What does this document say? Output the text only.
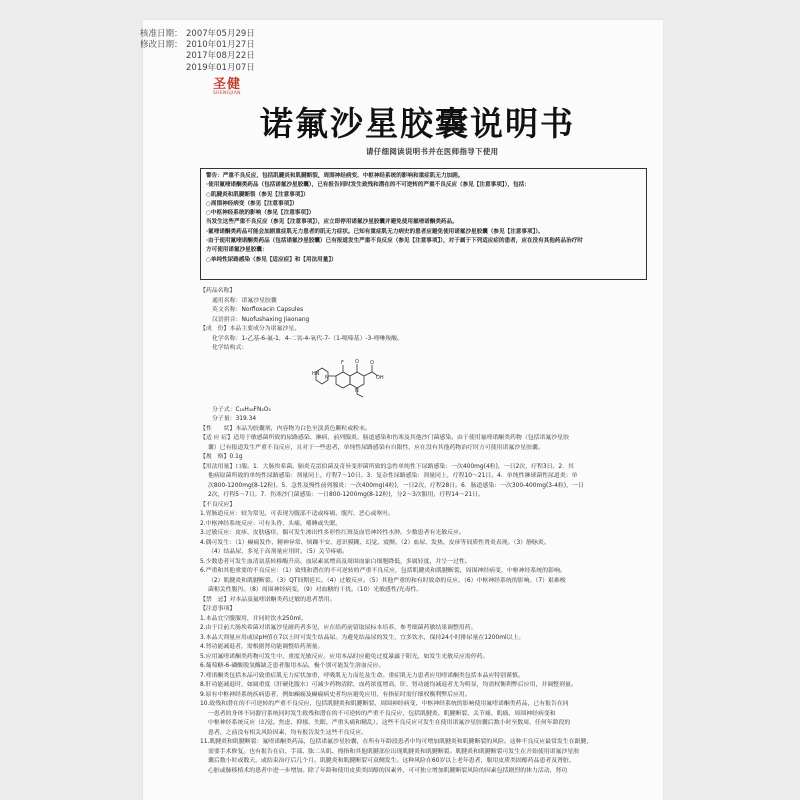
核准日期： 2007年05月29日
修改日期： 2010年01月27日
2017年08月22日
2019年01月07日
圣健
SHENGJIAN
诺氟沙星胶囊说明书
请仔细阅读说明书并在医师指导下使用
警告：严重不良反应，包括肌腱炎和肌腱断裂，周围神经病变、中枢神经系统的影响和重症肌无力加剧。
·使用氟喹诺酮类药品（包括诺氟沙星胶囊），已有报告同时发生致残和潜在的不可逆转的严重不良反应（参见【注意事项】），包括：
○肌腱炎和肌腱断裂（参见【注意事项】）
○周围神经病变（参见【注意事项】）
○中枢神经系统的影响（参见【注意事项】）
当发生这些严重不良反应（参见【注意事项】），应立即停用诺氟沙星胶囊并避免使用氟喹诺酮类药品。
·氟喹诺酮类药品可能会加剧重症肌无力患者的肌无力症状。已知有重症肌无力病史的患者应避免使用诺氟沙星胶囊（参见【注意事项】）。
·由于使用氟喹诺酮类药品（包括诺氟沙星胶囊）已有报道发生严重不良反应（参见【注意事项】），对于属于下列适应症的患者，应在没有其他药品治疗时
方可使用诺氟沙星胶囊：
○单纯性尿路感染（参见【适应症】和【用法用量】）
【药品名称】
通用名称：诺氟沙星胶囊
英文名称：Norfloxacin Capsules
汉语拼音：Nuofushaxing Jiaonang
【成　份】本品主要成分为诺氟沙星。
化学名称：1-乙基-6-氟-1，4-二氢-4-氧代-7-（1-哌嗪基）-3-喹啉羧酸。
化学结构式：
分子式：C₁₆H₁₈FN₃O₃
分子量：319.34
【性　　状】本品为胶囊剂，内容物为白色至淡黄色颗粒或粉末。
【适 应 症】适用于敏感菌所致的尿路感染、淋病、前列腺炎、肠道感染和伤寒及其他沙门菌感染。由于使用氟喹诺酮类药物（包括诺氟沙星胶
囊）已有报道发生严重不良反应，且对于一些患者，单纯性尿路感染有自限性，应在没有其他药物治疗时方可使用诺氟沙星胶囊。
【规　格】0.1g
【用法用量】口服。1．大肠埃希菌、肺炎克雷伯菌及奇异变形菌所致的急性单纯性下尿路感染：一次400mg(4粒)，一日2次，疗程3日。2．其
他病原菌所致的单纯性尿路感染：剂量同上，疗程7～10日。3．复杂性尿路感染：剂量同上，疗程10～21日。4．单纯性淋球菌性尿道炎：单
次800-1200mg(8-12粒)。5．急性及慢性前列腺炎：一次400mg(4粒)，一日2次，疗程28日。6．肠道感染：一次300-400mg(3-4粒)，一日
2次，疗程5～7日。7．伤寒沙门菌感染：一日800-1200mg(8-12粒)，分2～3次服用，疗程14～21日。
【不良反应】
1.胃肠道反应：较为常见，可表现为腹部不适或疼痛、腹泻、恶心或呕吐。
2.中枢神经系统反应：可有头昏、头痛、嗜睡或失眠。
3.过敏反应：皮疹、皮肤瘙痒，偶可发生渗出性多形性红斑及血管神经性水肿。少数患者有光敏反应。
4.偶可发生：（1）癫痫发作、精神异常、烦躁不安、意识模糊、幻觉、震颤。（2）血尿、发热、皮疹等间质性肾炎表现。（3）静脉炎。
（4）结晶尿，多见于高剂量应用时。（5）关节疼痛。
5.少数患者可发生血清氨基转移酶升高、血尿素氮增高及周围血象白细胞降低，多属轻度，并呈一过性。
6.严重和其他重要的不良反应：（1）致残和潜在的不可逆转的严重不良反应，包括肌腱炎和肌腱断裂，周围神经病变，中枢神经系统的影响。
（2）肌腱炎和肌腱断裂。（3）QT间期延长。（4）过敏反应。（5）其他严重的和有时致命的反应。（6）中枢神经系统的影响。（7）艰难梭
菌相关性腹泻。（8）周围神经病变。（9）对血糖的干扰。（10）光敏感性/光毒性。
【禁　忌】对本品及氟喹诺酮类药过敏的患者禁用。
【注意事项】
1.本品宜空腹服用，并同时饮水250ml。
2.由于目前大肠埃希菌对诺氟沙星耐药者多见，应在给药前留取尿标本培养，参考细菌药敏结果调整用药。
3.本品大剂量应用或尿pH值在7以上时可发生结晶尿。为避免结晶尿的发生，宜多饮水，保持24小时排尿量在1200ml以上。
4.肾功能减退者，需根据肾功能调整给药剂量。
5.应用氟喹诺酮类药物可发生中、重度光敏反应。应用本品时应避免过度暴露于阳光，如发生光敏反应需停药。
6.葡萄糖-6-磷酸脱氢酶缺乏患者服用本品，极个别可能发生溶血反应。
7.喹诺酮类包括本品可致重症肌无力症状加重，呼吸肌无力而危及生命。重症肌无力患者应用喹诺酮类包括本品应特别谨慎。
8.肝功能减退时，如属重度（肝硬化腹水）可减少药物清除，血药浓度增高，肝、肾功能均减退者尤为明显，均需权衡利弊后应用，并调整剂量。
9.原有中枢神经系统疾病患者，例如癫痫及癫痫病史者均应避免应用，有指征时需仔细权衡利弊后应用。
10.致残和潜在的不可逆转的严重不良反应，包括肌腱炎和肌腱断裂、周围神经病变、中枢神经系统的影响使用氟喹诺酮类药品，已有报告在同
一患者的身体不同器官系统同时发生致残和潜在的不可逆转的严重不良反应，包括肌腱炎、肌腱断裂、关节痛、肌痛、周围神经病变和
中枢神经系统反应（幻觉、焦虑、抑郁、失眠、严重头痛和精乱）。这些不良反应可发生在使用诺氟沙星胶囊后数小时至数周，任何年龄段的
患者，之前没有相关风险因素，均有报告发生这些不良反应。
11.肌腱炎和肌腱断裂：氟喹诺酮类药品，包括诺氟沙星胶囊，在所有年龄段患者中均可增加肌腱炎和肌腱断裂的风险。这种不良反应最常发生在跟腱，
需要手术修复。也有报告在肩、手部、肱二头肌、拇指和其他肌腱部位出现肌腱炎和肌腱断裂。肌腱炎和肌腱断裂可发生在开始使用诺氟沙星胶
囊后数小时或数天，或结束治疗后几个月。肌腱炎和肌腱断裂可双侧发生。这种风险在60岁以上老年患者，服用皮质类固醇药品患者及肾脏、
心脏或肺移植术的患者中进一步增加。除了年龄和使用皮质类固醇的因素外，可可独立增加肌腱断裂风险的因素包括剧烈的体力活动，肾功
HN
N
F O O
OH
N
